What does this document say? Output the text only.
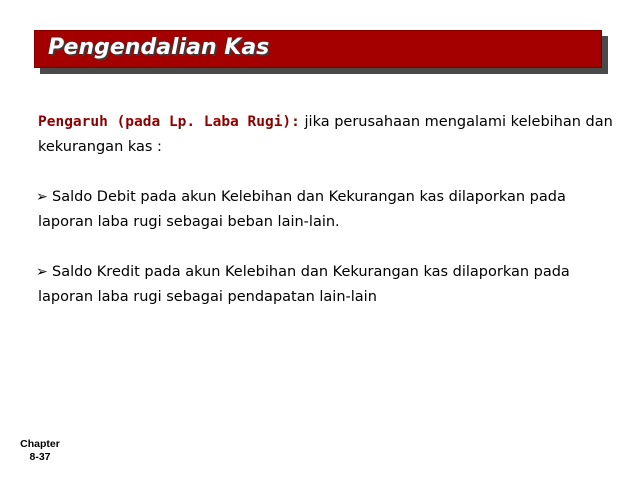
Pengendalian Kas

Pengaruh (pada Lp. Laba Rugi): jika perusahaan mengalami kelebihan dan kekurangan kas :

➢ Saldo Debit pada akun Kelebihan dan Kekurangan kas dilaporkan pada laporan laba rugi sebagai beban lain-lain.

➢ Saldo Kredit pada akun Kelebihan dan Kekurangan kas dilaporkan pada laporan laba rugi sebagai pendapatan lain-lain

Chapter
8-37
